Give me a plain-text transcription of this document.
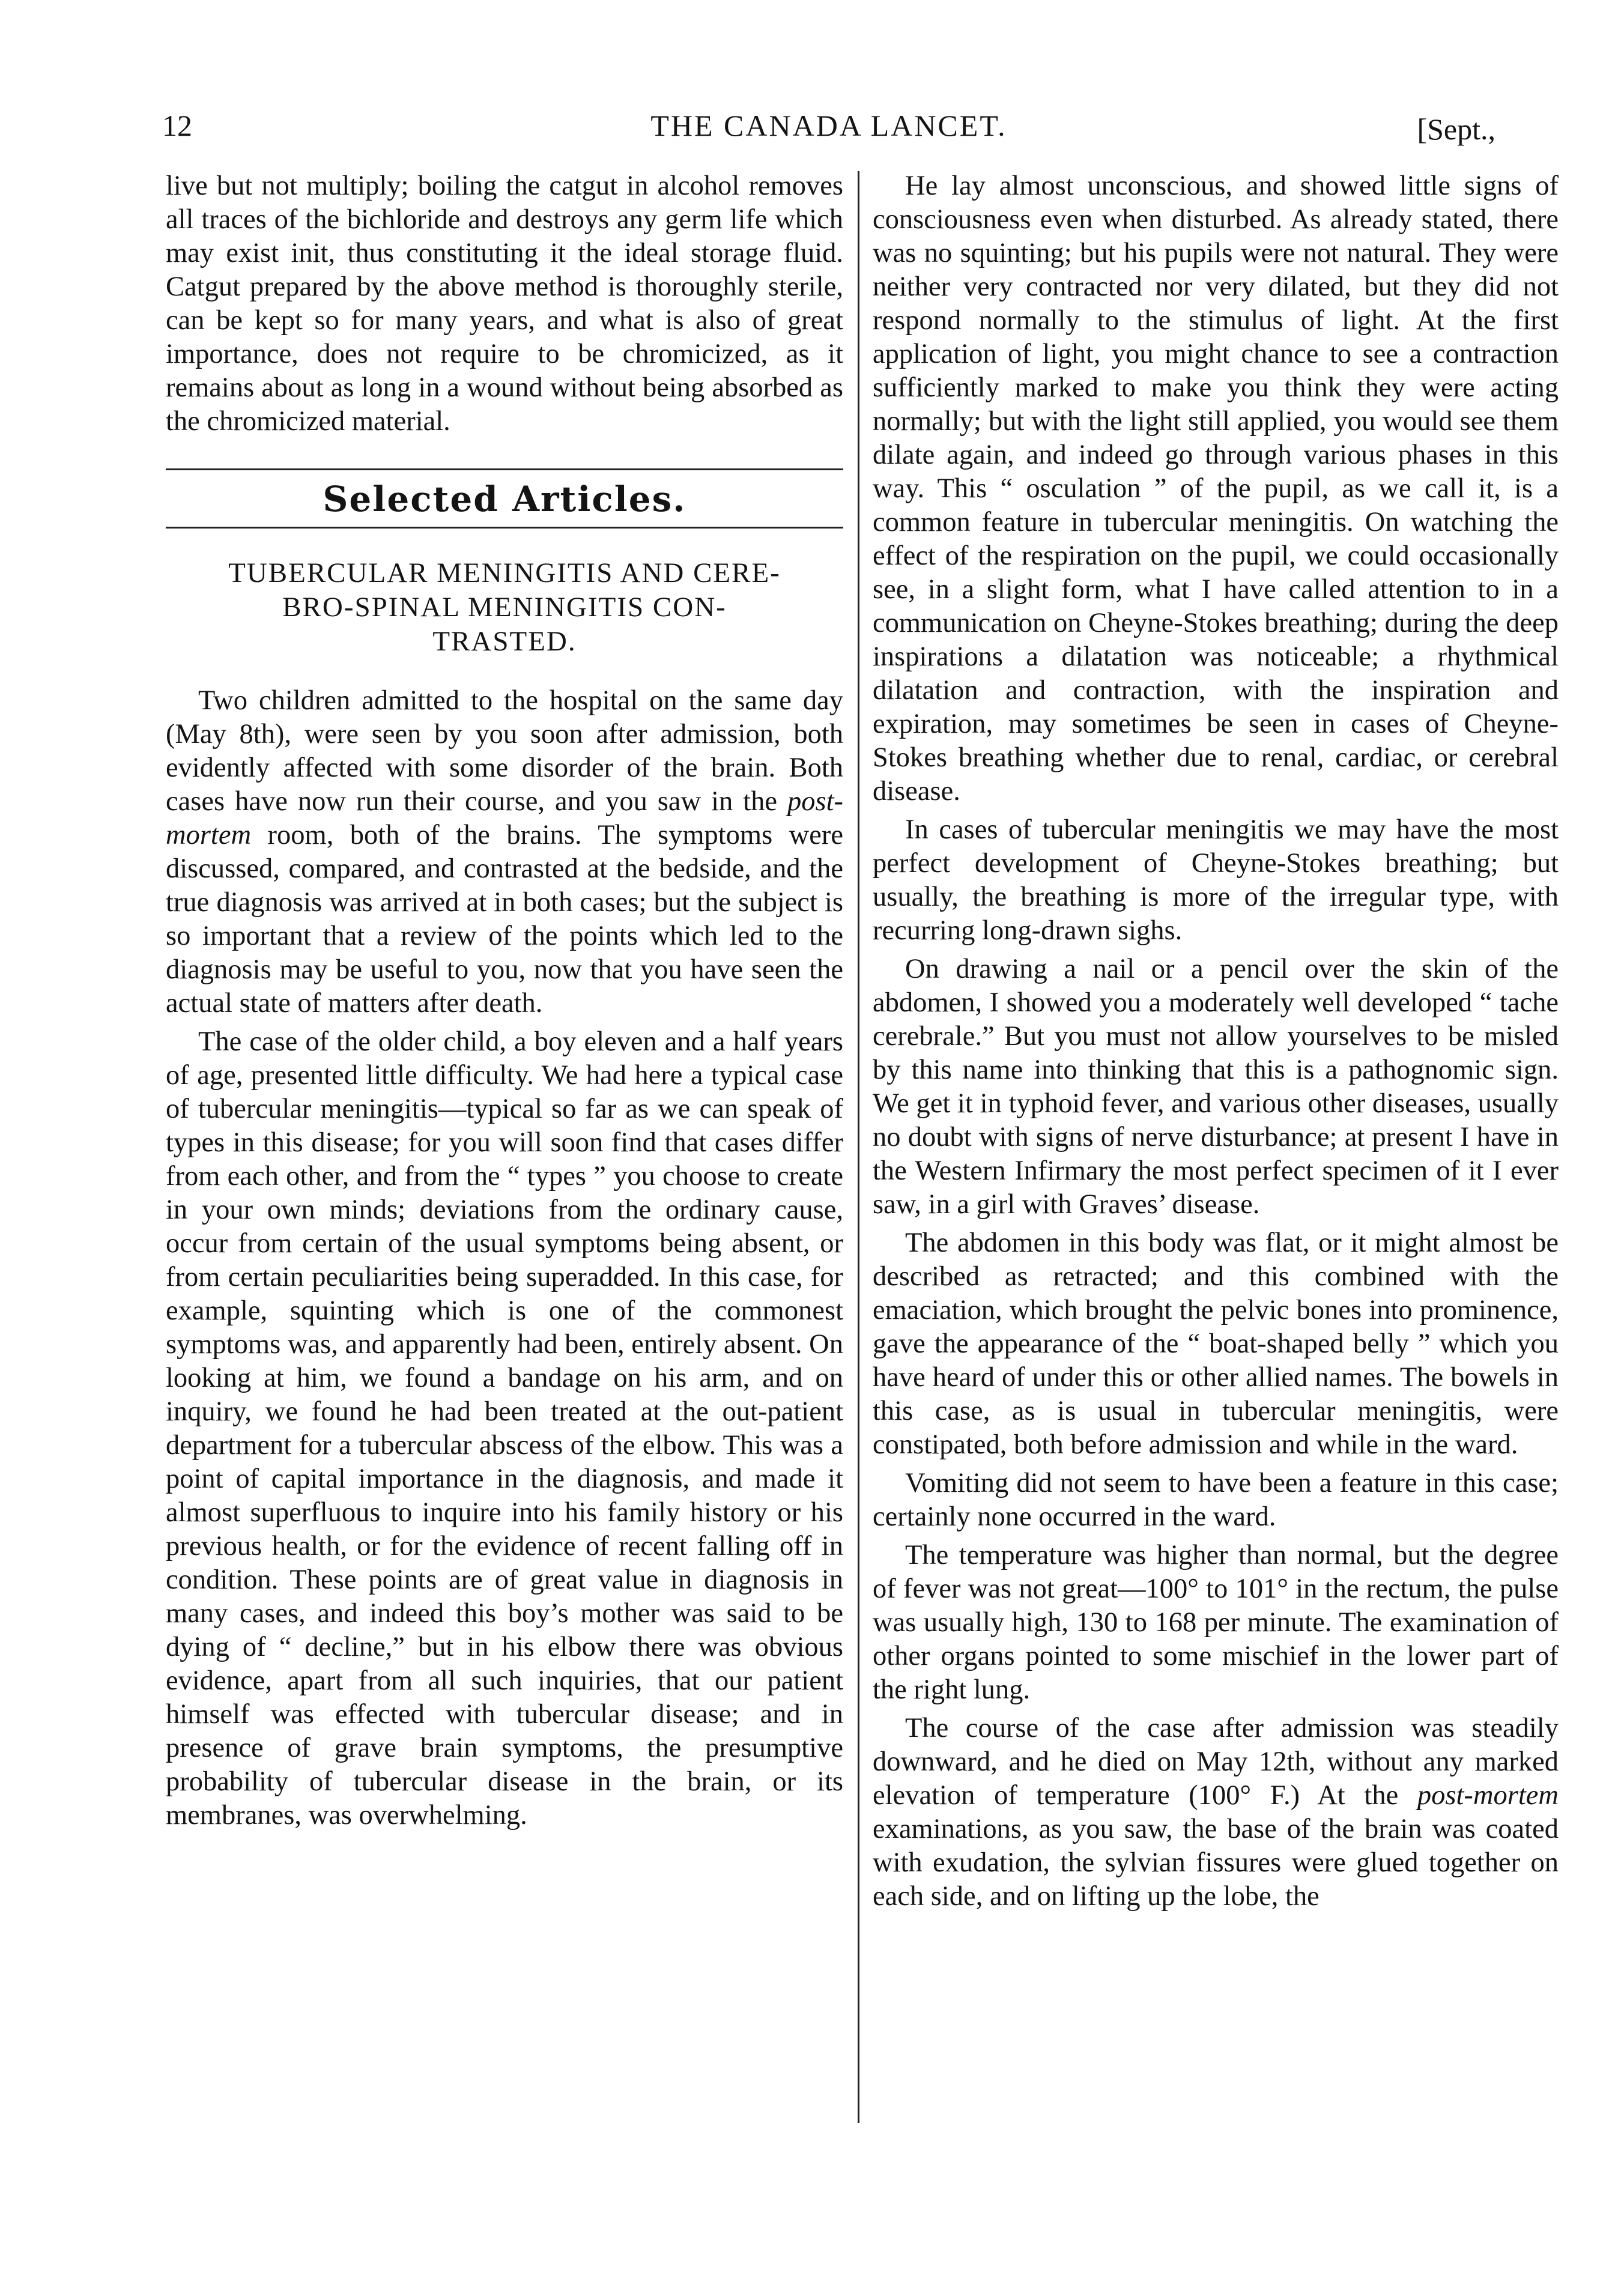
12	THE CANADA LANCET.	[Sept.,

live but not multiply; boiling the catgut in alcohol removes all traces of the bichloride and destroys any germ life which may exist init, thus constituting it the ideal storage fluid. Catgut prepared by the above method is thoroughly sterile, can be kept so for many years, and what is also of great importance, does not require to be chromicized, as it remains about as long in a wound without being absorbed as the chromicized material.

Selected Articles.
TUBERCULAR MENINGITIS AND CERE-
BRO-SPINAL MENINGITIS CON-
TRASTED.

Two children admitted to the hospital on the same day (May 8th), were seen by you soon after admission, both evidently affected with some disorder of the brain. Both cases have now run their course, and you saw in the post-mortem room, both of the brains. The symptoms were discussed, compared, and contrasted at the bedside, and the true diagnosis was arrived at in both cases; but the subject is so important that a review of the points which led to the diagnosis may be useful to you, now that you have seen the actual state of matters after death.

The case of the older child, a boy eleven and a half years of age, presented little difficulty. We had here a typical case of tubercular meningitis—typical so far as we can speak of types in this disease; for you will soon find that cases differ from each other, and from the “ types ” you choose to create in your own minds; deviations from the ordinary cause, occur from certain of the usual symptoms being absent, or from certain peculiarities being superadded. In this case, for example, squinting which is one of the commonest symptoms was, and apparently had been, entirely absent. On looking at him, we found a bandage on his arm, and on inquiry, we found he had been treated at the out-patient department for a tubercular abscess of the elbow. This was a point of capital importance in the diagnosis, and made it almost superfluous to inquire into his family history or his previous health, or for the evidence of recent falling off in condition. These points are of great value in diagnosis in many cases, and indeed this boy’s mother was said to be dying of “ decline,” but in his elbow there was obvious evidence, apart from all such inquiries, that our patient himself was effected with tubercular disease; and in presence of grave brain symptoms, the presumptive probability of tubercular disease in the brain, or its membranes, was overwhelming.

He lay almost unconscious, and showed little signs of consciousness even when disturbed. As already stated, there was no squinting; but his pupils were not natural. They were neither very contracted nor very dilated, but they did not respond normally to the stimulus of light. At the first application of light, you might chance to see a contraction sufficiently marked to make you think they were acting normally; but with the light still applied, you would see them dilate again, and indeed go through various phases in this way. This “ osculation ” of the pupil, as we call it, is a common feature in tubercular meningitis. On watching the effect of the respiration on the pupil, we could occasionally see, in a slight form, what I have called attention to in a communication on Cheyne-Stokes breathing; during the deep inspirations a dilatation was noticeable; a rhythmical dilatation and contraction, with the inspiration and expiration, may sometimes be seen in cases of Cheyne-Stokes breathing whether due to renal, cardiac, or cerebral disease.

In cases of tubercular meningitis we may have the most perfect development of Cheyne-Stokes breathing; but usually, the breathing is more of the irregular type, with recurring long-drawn sighs.

On drawing a nail or a pencil over the skin of the abdomen, I showed you a moderately well developed “ tache cerebrale.” But you must not allow yourselves to be misled by this name into thinking that this is a pathognomic sign. We get it in typhoid fever, and various other diseases, usually no doubt with signs of nerve disturbance; at present I have in the Western Infirmary the most perfect specimen of it I ever saw, in a girl with Graves’ disease.

The abdomen in this body was flat, or it might almost be described as retracted; and this combined with the emaciation, which brought the pelvic bones into prominence, gave the appearance of the “ boat-shaped belly ” which you have heard of under this or other allied names. The bowels in this case, as is usual in tubercular meningitis, were constipated, both before admission and while in the ward.

Vomiting did not seem to have been a feature in this case; certainly none occurred in the ward.

The temperature was higher than normal, but the degree of fever was not great—100° to 101° in the rectum, the pulse was usually high, 130 to 168 per minute. The examination of other organs pointed to some mischief in the lower part of the right lung.

The course of the case after admission was steadily downward, and he died on May 12th, without any marked elevation of temperature (100° F.) At the post-mortem examinations, as you saw, the base of the brain was coated with exudation, the sylvian fissures were glued together on each side, and on lifting up the lobe, the
